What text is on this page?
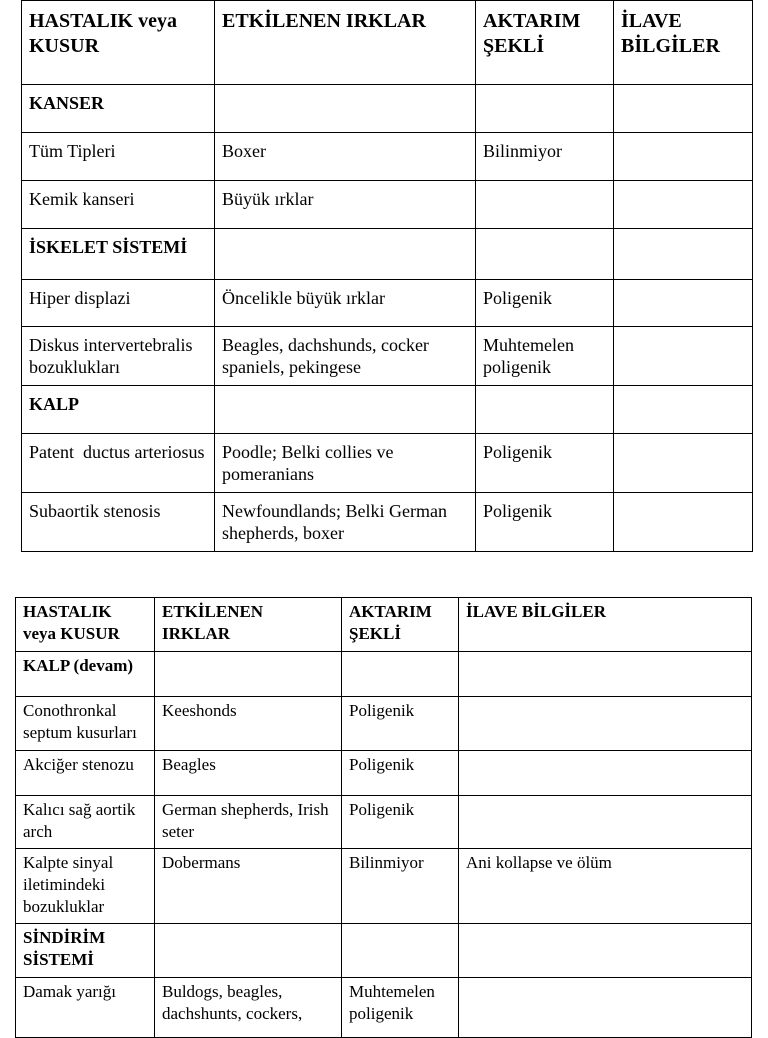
HASTALIK veya KUSUR	ETKİLENEN IRKLAR	AKTARIM ŞEKLİ	İLAVE BİLGİLER
KANSER			
Tüm Tipleri	Boxer	Bilinmiyor	
Kemik kanseri	Büyük ırklar		
İSKELET SİSTEMİ			
Hiper displazi	Öncelikle büyük ırklar	Poligenik	
Diskus intervertebralis bozuklukları	Beagles, dachshunds, cocker spaniels, pekingese	Muhtemelen poligenik	
KALP			
Patent  ductus arteriosus	Poodle; Belki collies ve pomeranians	Poligenik	
Subaortik stenosis	Newfoundlands; Belki German shepherds, boxer	Poligenik	
HASTALIK veya KUSUR	ETKİLENEN IRKLAR	AKTARIM ŞEKLİ	İLAVE BİLGİLER
KALP (devam)			
Conothronkal septum kusurları	Keeshonds	Poligenik	
Akciğer stenozu	Beagles	Poligenik	
Kalıcı sağ aortik arch	German shepherds, Irish seter	Poligenik	
Kalpte sinyal iletimindeki bozukluklar	Dobermans	Bilinmiyor	Ani kollapse ve ölüm
SİNDİRİM SİSTEMİ			
Damak yarığı	Buldogs, beagles, dachshunts, cockers,	Muhtemelen poligenik	
